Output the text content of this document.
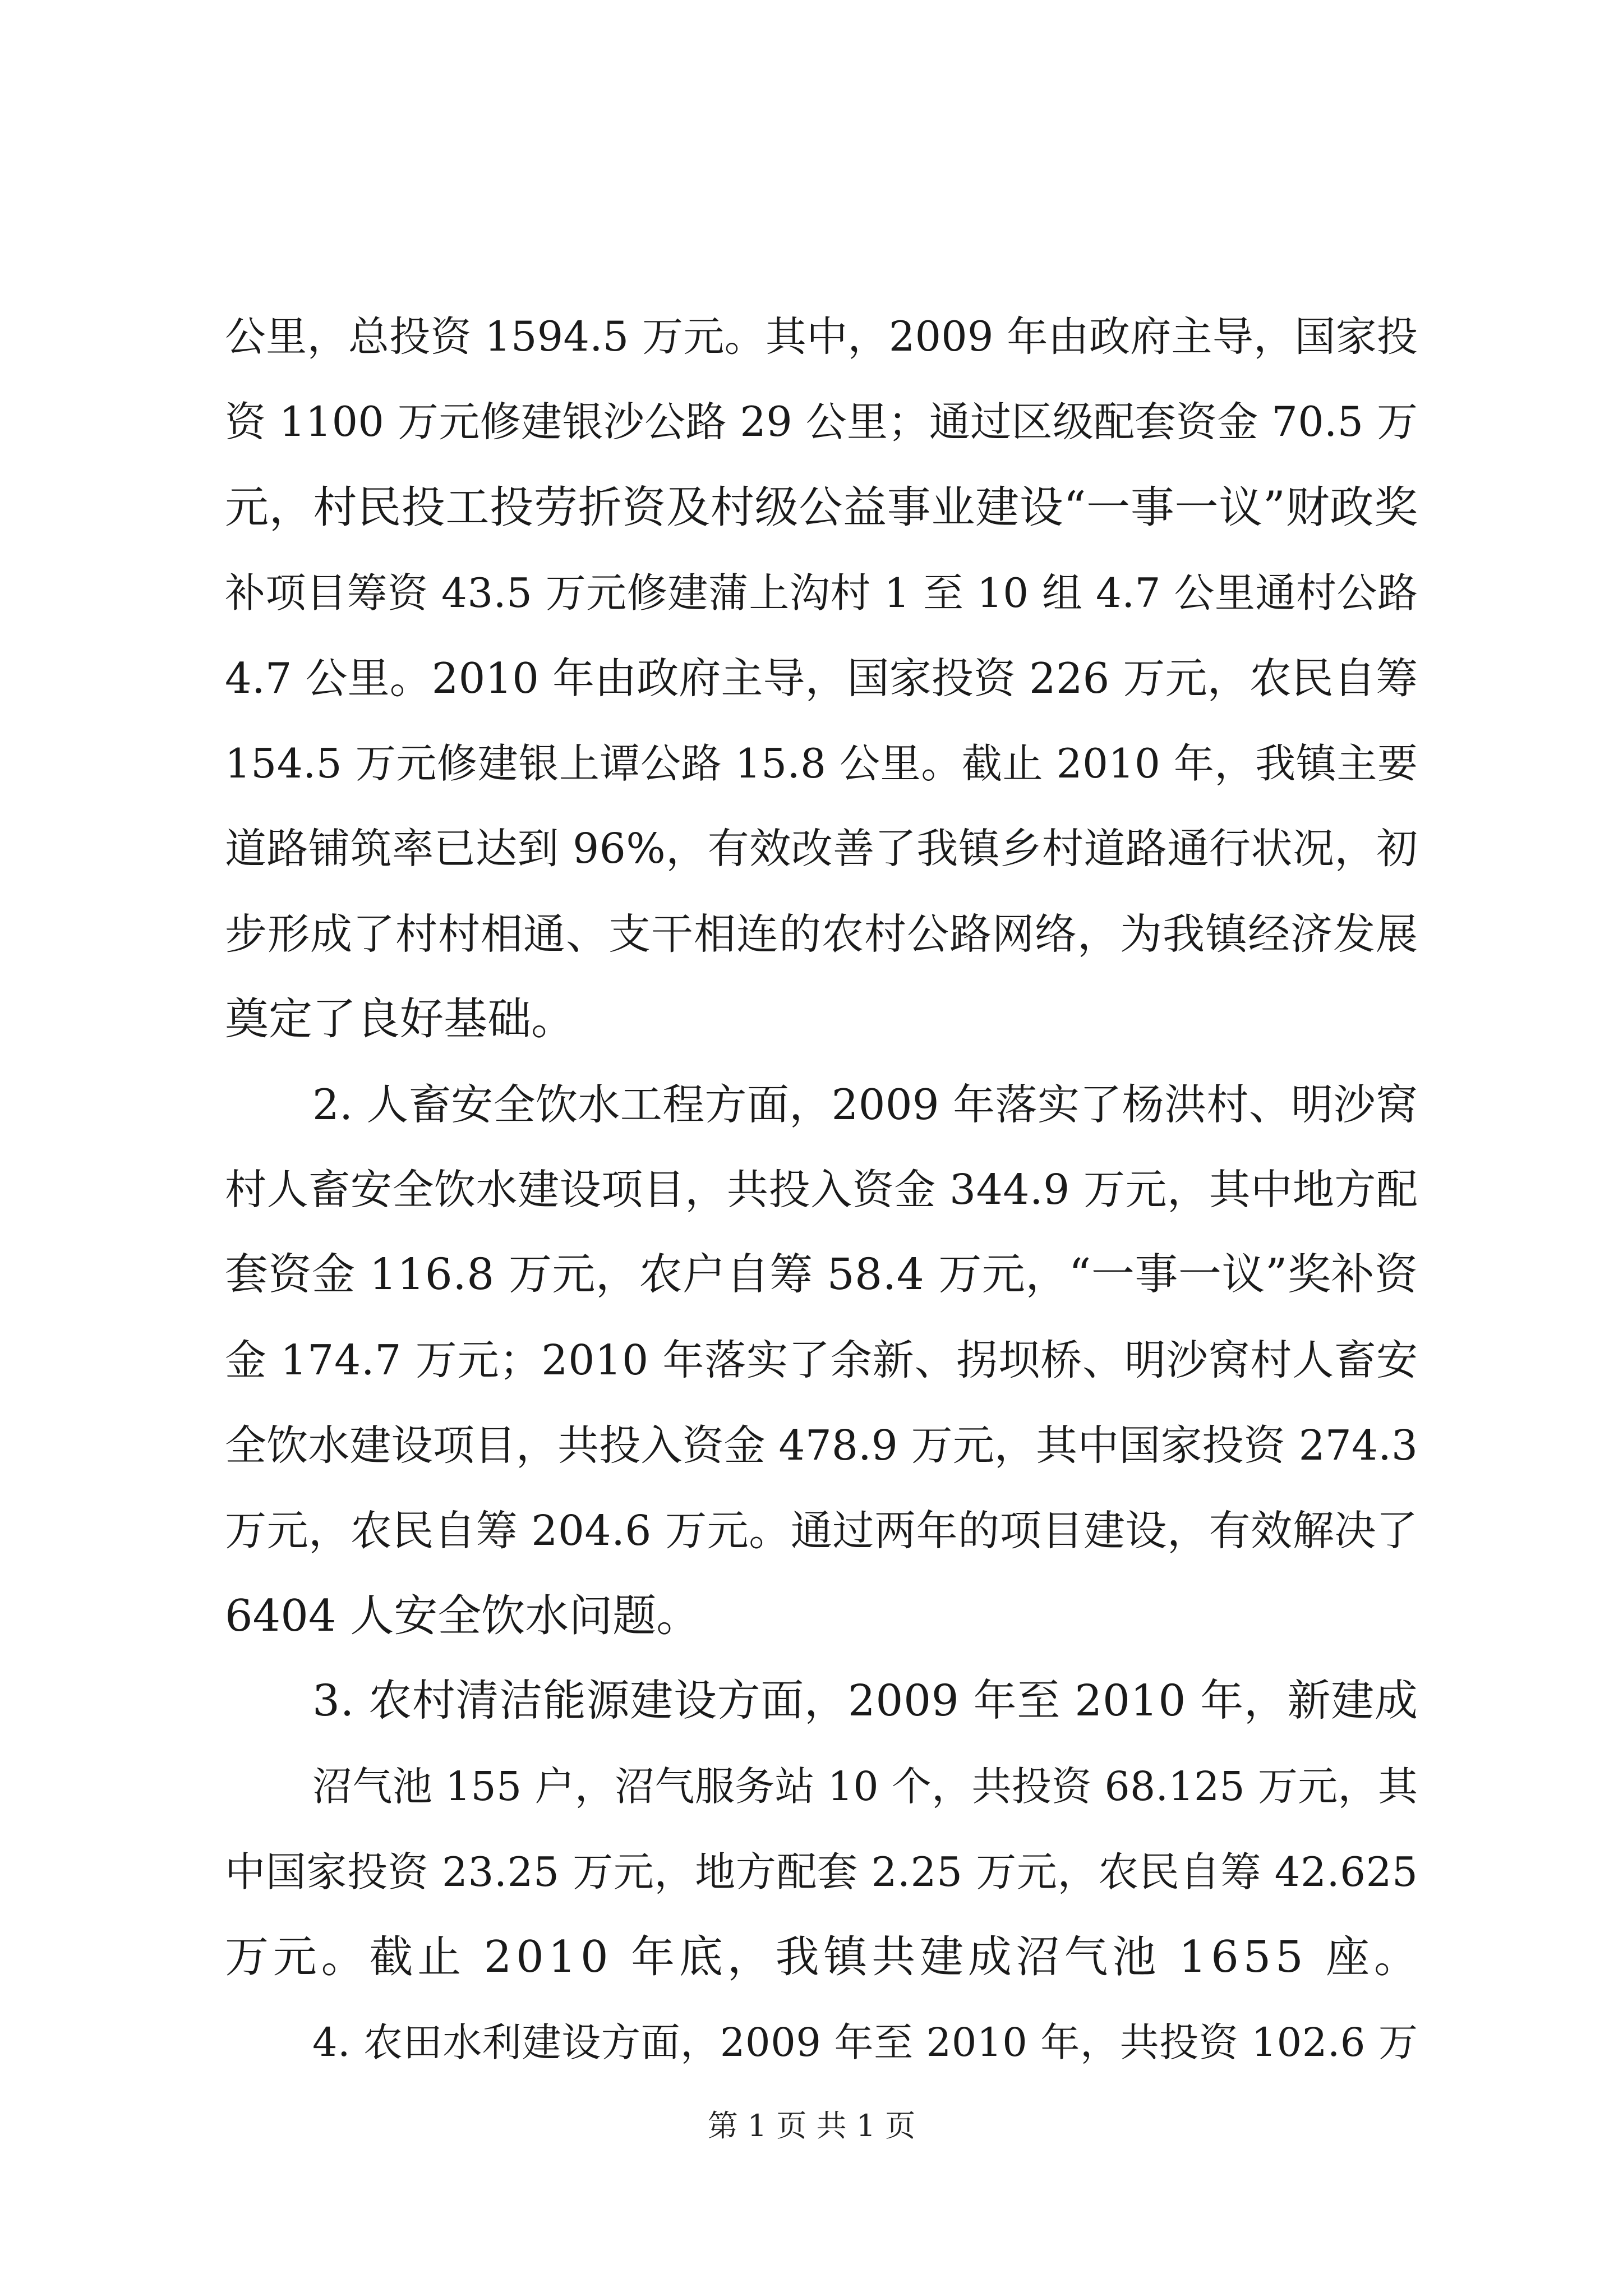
公里，总投资 1594.5 万元。其中，2009 年由政府主导，国家投
资 1100 万元修建银沙公路 29 公里；通过区级配套资金 70.5 万
元，村民投工投劳折资及村级公益事业建设“一事一议”财政奖
补项目筹资 43.5 万元修建蒲上沟村 1 至 10 组 4.7 公里通村公路
4.7 公里。2010 年由政府主导，国家投资 226 万元，农民自筹
154.5 万元修建银上谭公路 15.8 公里。截止 2010 年，我镇主要
道路铺筑率已达到 96%，有效改善了我镇乡村道路通行状况，初
步形成了村村相通、支干相连的农村公路网络，为我镇经济发展
奠定了良好基础。
2. 人畜安全饮水工程方面，2009 年落实了杨洪村、明沙窝
村人畜安全饮水建设项目，共投入资金 344.9 万元，其中地方配
套资金 116.8 万元，农户自筹 58.4 万元，“一事一议”奖补资
金 174.7 万元；2010 年落实了余新、拐坝桥、明沙窝村人畜安
全饮水建设项目，共投入资金 478.9 万元，其中国家投资 274.3
万元，农民自筹 204.6 万元。通过两年的项目建设，有效解决了
6404 人安全饮水问题。
3. 农村清洁能源建设方面，2009 年至 2010 年，新建成
沼气池 155 户，沼气服务站 10 个，共投资 68.125 万元，其
中国家投资 23.25 万元，地方配套 2.25 万元，农民自筹 42.625
万元。截止 2010 年底，我镇共建成沼气池 1655 座。
4. 农田水利建设方面，2009 年至 2010 年，共投资 102.6 万
第 1 页 共 1 页
